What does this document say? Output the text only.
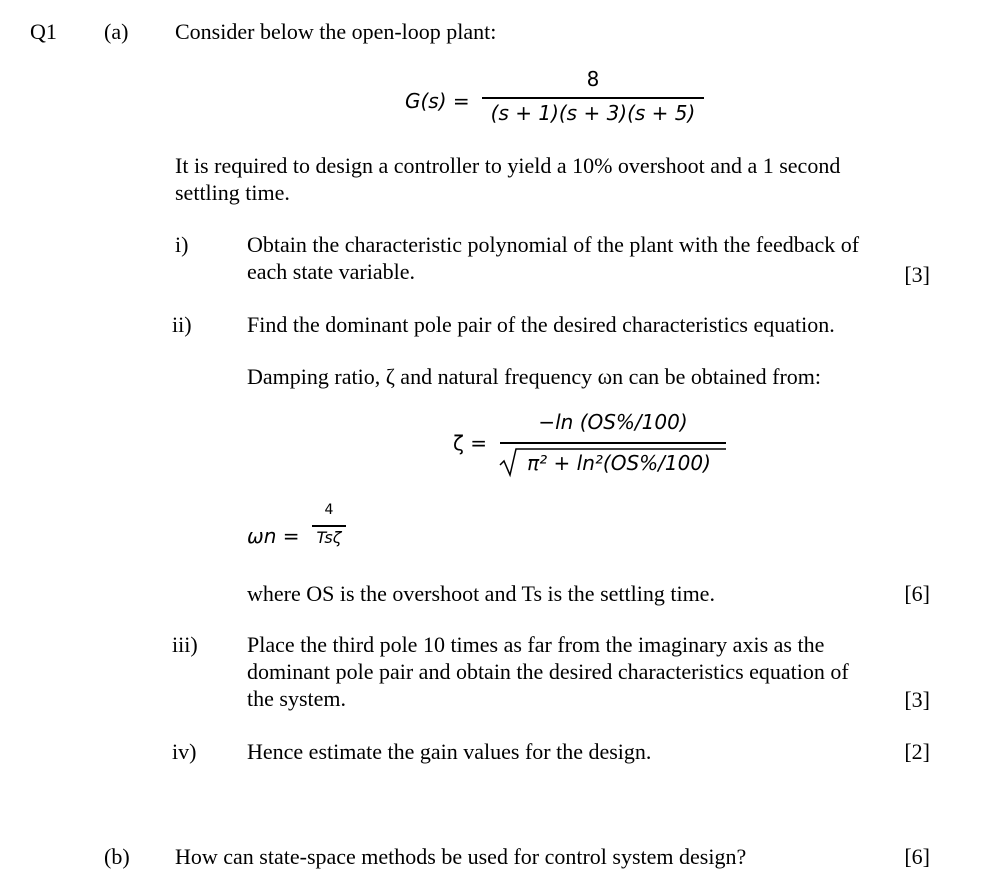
Q1 (a) Consider below the open-loop plant:
G(s) =
8
(s + 1)(s + 3)(s + 5)
It is required to design a controller to yield a 10% overshoot and a 1 second
settling time.
i)	Obtain the characteristic polynomial of the plant with the feedback of
each state variable.	[3]
ii)	Find the dominant pole pair of the desired characteristics equation.
Damping ratio, ζ and natural frequency ωn can be obtained from:
ζ =
−ln (OS%/100)
π² + ln²(OS%/100)
ωn =
4
Tsζ
where OS is the overshoot and Ts is the settling time.	[6]
iii) Place the third pole 10 times as far from the imaginary axis as the
dominant pole pair and obtain the desired characteristics equation of
the system.	[3]
iv) Hence estimate the gain values for the design.	[2]
(b) How can state-space methods be used for control system design?	[6]
